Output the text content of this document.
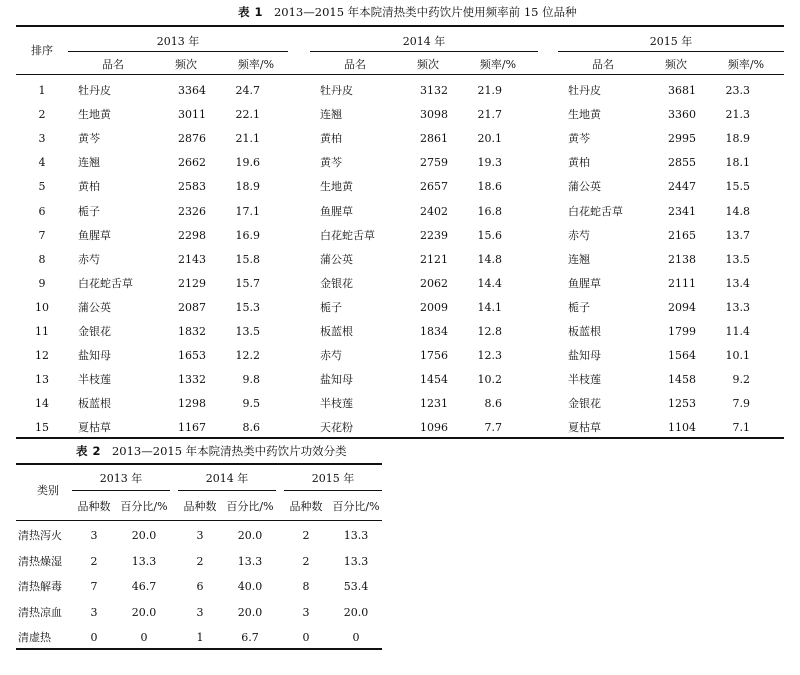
表 1 2013—2015 年本院清热类中药饮片使用频率前 15 位品种
排序
2013 年	2014 年	2015 年
品名	频次	频率/%	品名	频次	频率/%	品名	频次	频率/%
1	牡丹皮	3364	24.7	牡丹皮	3132	21.9	牡丹皮	3681	23.3
2	生地黄	3011	22.1	连翘	3098	21.7	生地黄	3360	21.3
3	黄芩	2876	21.1	黄柏	2861	20.1	黄芩	2995	18.9
4	连翘	2662	19.6	黄芩	2759	19.3	黄柏	2855	18.1
5	黄柏	2583	18.9	生地黄	2657	18.6	蒲公英	2447	15.5
6	栀子	2326	17.1	鱼腥草	2402	16.8	白花蛇舌草	2341	14.8
7	鱼腥草	2298	16.9	白花蛇舌草	2239	15.6	赤芍	2165	13.7
8	赤芍	2143	15.8	蒲公英	2121	14.8	连翘	2138	13.5
9	白花蛇舌草	2129	15.7	金银花	2062	14.4	鱼腥草	2111	13.4
10	蒲公英	2087	15.3	栀子	2009	14.1	栀子	2094	13.3
11	金银花	1832	13.5	板蓝根	1834	12.8	板蓝根	1799	11.4
12	盐知母	1653	12.2	赤芍	1756	12.3	盐知母	1564	10.1
13	半枝莲	1332	9.8	盐知母	1454	10.2	半枝莲	1458	9.2
14	板蓝根	1298	9.5	半枝莲	1231	8.6	金银花	1253	7.9
15	夏枯草	1167	8.6	天花粉	1096	7.7	夏枯草	1104	7.1
表 2 2013—2015 年本院清热类中药饮片功效分类
类别
2013 年	2014 年	2015 年
品种数 百分比/%	品种数 百分比/%	品种数 百分比/%
清热泻火	3	20.0	3	20.0	2	13.3
清热燥湿	2	13.3	2	13.3	2	13.3
清热解毒	7	46.7	6	40.0	8	53.4
清热凉血	3	20.0	3	20.0	3	20.0
清虚热	0	0	1	6.7	0	0
